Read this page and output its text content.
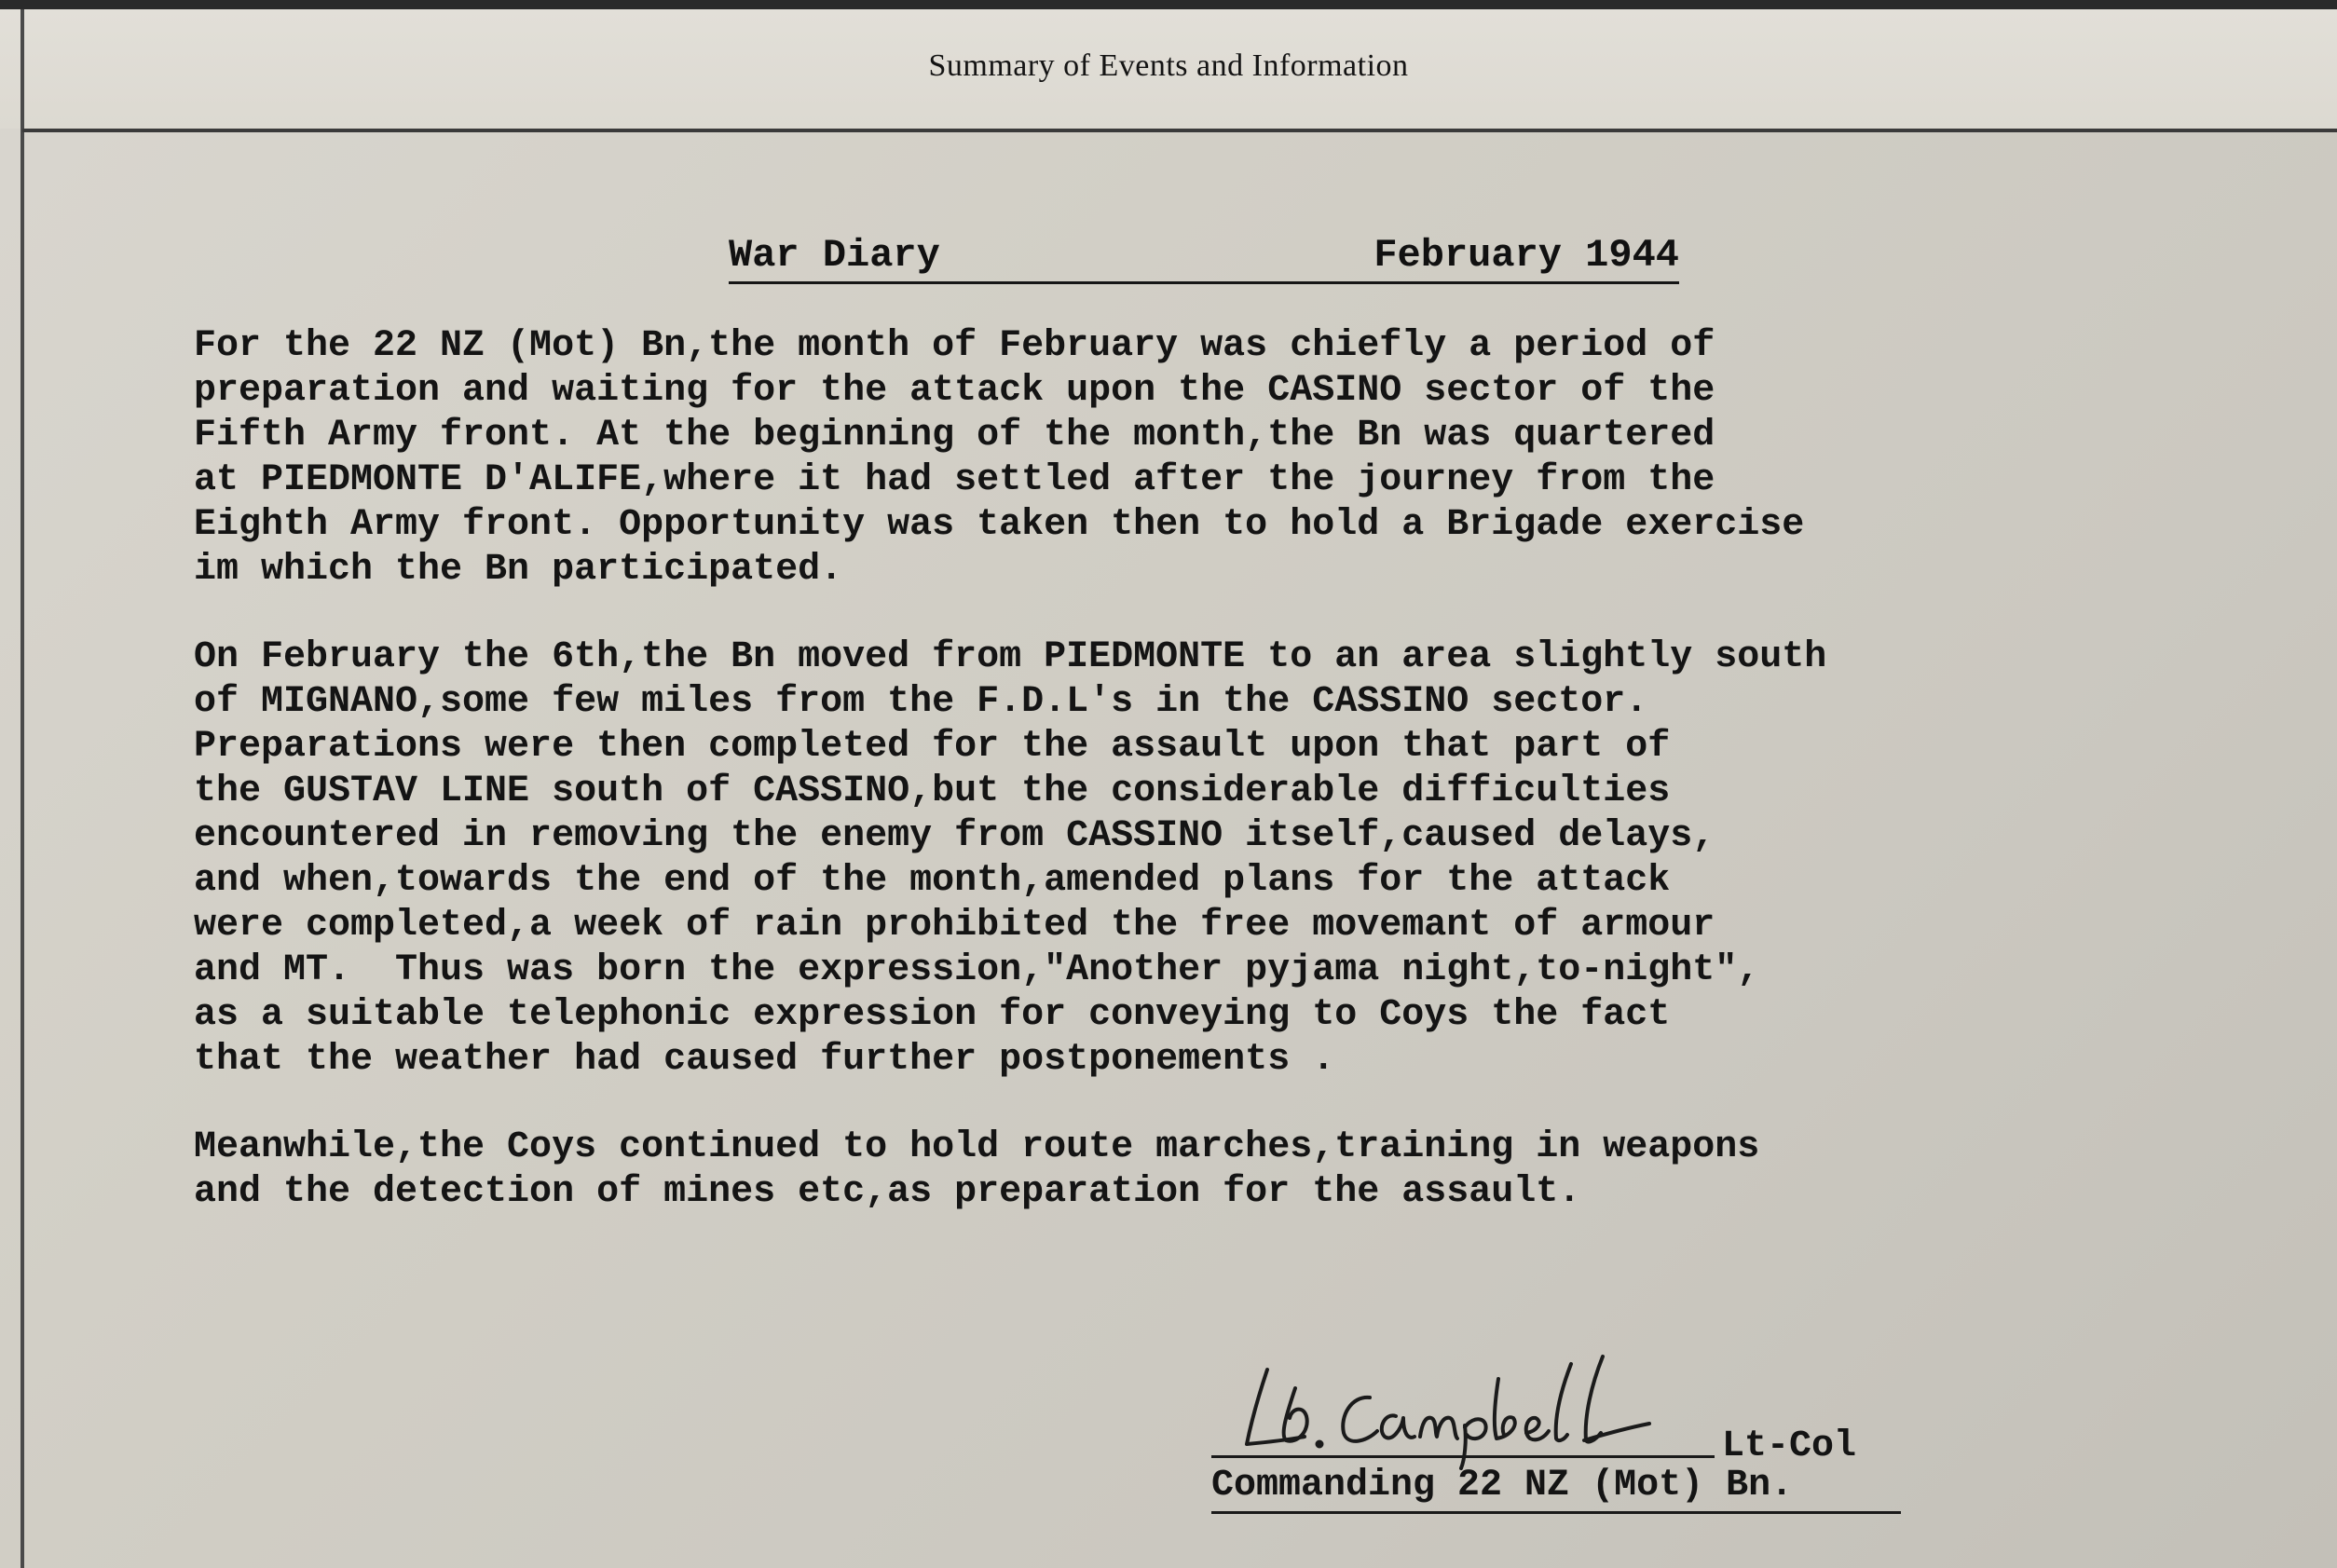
Summary of Events and Information

War Diary	February 1944
For the 22 NZ (Mot) Bn,the month of February was chiefly a period of
preparation and waiting for the attack upon the CASINO sector of the
Fifth Army front. At the beginning of the month,the Bn was quartered
at PIEDMONTE D'ALIFE,where it had settled after the journey from the
Eighth Army front. Opportunity was taken then to hold a Brigade exercise
im which the Bn participated.
On February the 6th,the Bn moved from PIEDMONTE to an area slightly south
of MIGNANO,some few miles from the F.D.L's in the CASSINO sector.
Preparations were then completed for the assault upon that part of
the GUSTAV LINE south of CASSINO,but the considerable difficulties
encountered in removing the enemy from CASSINO itself,caused delays,
and when,towards the end of the month,amended plans for the attack
were completed,a week of rain prohibited the free movemant of armour
and MT.  Thus was born the expression,"Another pyjama night,to-night",
as a suitable telephonic expression for conveying to Coys the fact
that the weather had caused further postponements .
Meanwhile,the Coys continued to hold route marches,training in weapons
and the detection of mines etc,as preparation for the assault.
Lt-Col
Commanding 22 NZ (Mot) Bn.
